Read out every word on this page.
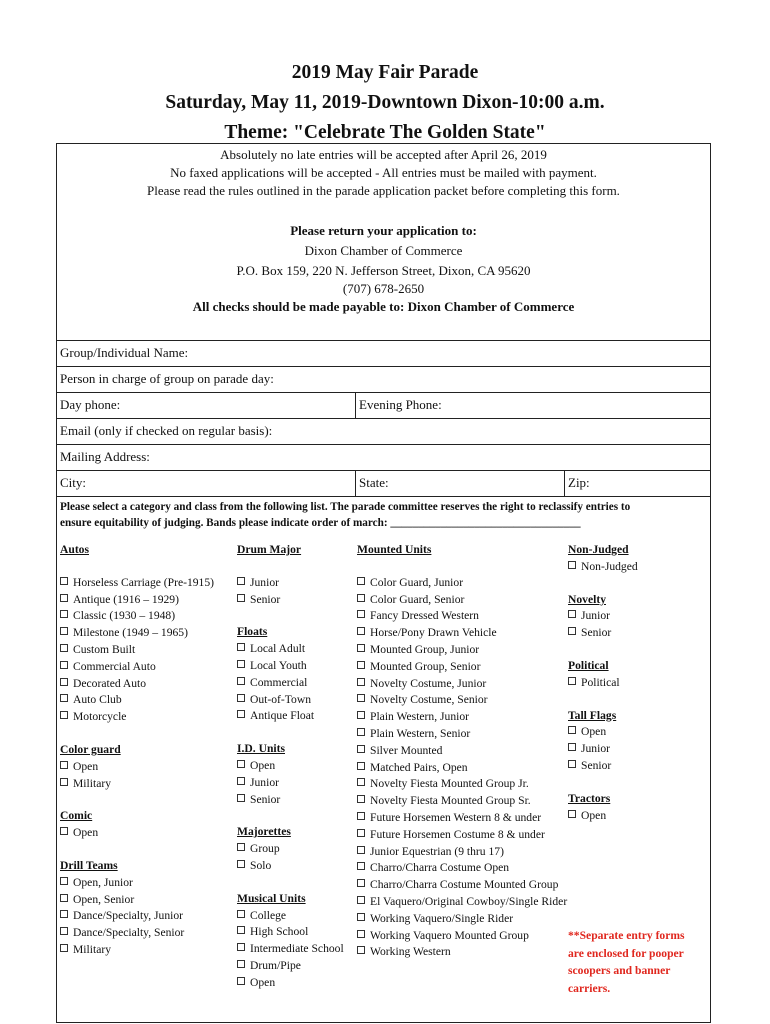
2019 May Fair Parade
Saturday, May 11, 2019-Downtown Dixon-10:00 a.m.
Theme: "Celebrate The Golden State"
Absolutely no late entries will be accepted after April 26, 2019
No faxed applications will be accepted - All entries must be mailed with payment.
Please read the rules outlined in the parade application packet before completing this form.
Please return your application to:
Dixon Chamber of Commerce
P.O. Box 159, 220 N. Jefferson Street, Dixon, CA 95620
(707) 678-2650
All checks should be made payable to: Dixon Chamber of Commerce
Group/Individual Name:
Person in charge of group on parade day:
Day phone:	Evening Phone:
Email (only if checked on regular basis):
Mailing Address:
City:	State:	Zip:
Please select a category and class from the following list. The parade committee reserves the right to reclassify entries to
ensure equitability of judging. Bands please indicate order of march: __________________________________
Autos
Horseless Carriage (Pre-1915)
Antique (1916 – 1929)
Classic (1930 – 1948)
Milestone (1949 – 1965)
Custom Built
Commercial Auto
Decorated Auto
Auto Club
Motorcycle
Color guard
Open
Military
Comic
Open
Drill Teams
Open, Junior
Open, Senior
Dance/Specialty, Junior
Dance/Specialty, Senior
Military
Drum Major
Junior
Senior
Floats
Local Adult
Local Youth
Commercial
Out-of-Town
Antique Float
I.D. Units
Open
Junior
Senior
Majorettes
Group
Solo
Musical Units
College
High School
Intermediate School
Drum/Pipe
Open
Mounted Units
Color Guard, Junior
Color Guard, Senior
Fancy Dressed Western
Horse/Pony Drawn Vehicle
Mounted Group, Junior
Mounted Group, Senior
Novelty Costume, Junior
Novelty Costume, Senior
Plain Western, Junior
Plain Western, Senior
Silver Mounted
Matched Pairs, Open
Novelty Fiesta Mounted Group Jr.
Novelty Fiesta Mounted Group Sr.
Future Horsemen Western 8 & under
Future Horsemen Costume 8 & under
Junior Equestrian (9 thru 17)
Charro/Charra Costume Open
Charro/Charra Costume Mounted Group
El Vaquero/Original Cowboy/Single Rider
Working Vaquero/Single Rider
Working Vaquero Mounted Group
Working Western
Non-Judged
Non-Judged
Novelty
Junior
Senior
Political
Political
Tall Flags
Open
Junior
Senior
Tractors
Open
**Separate entry forms
are enclosed for pooper
scoopers and banner
carriers.
